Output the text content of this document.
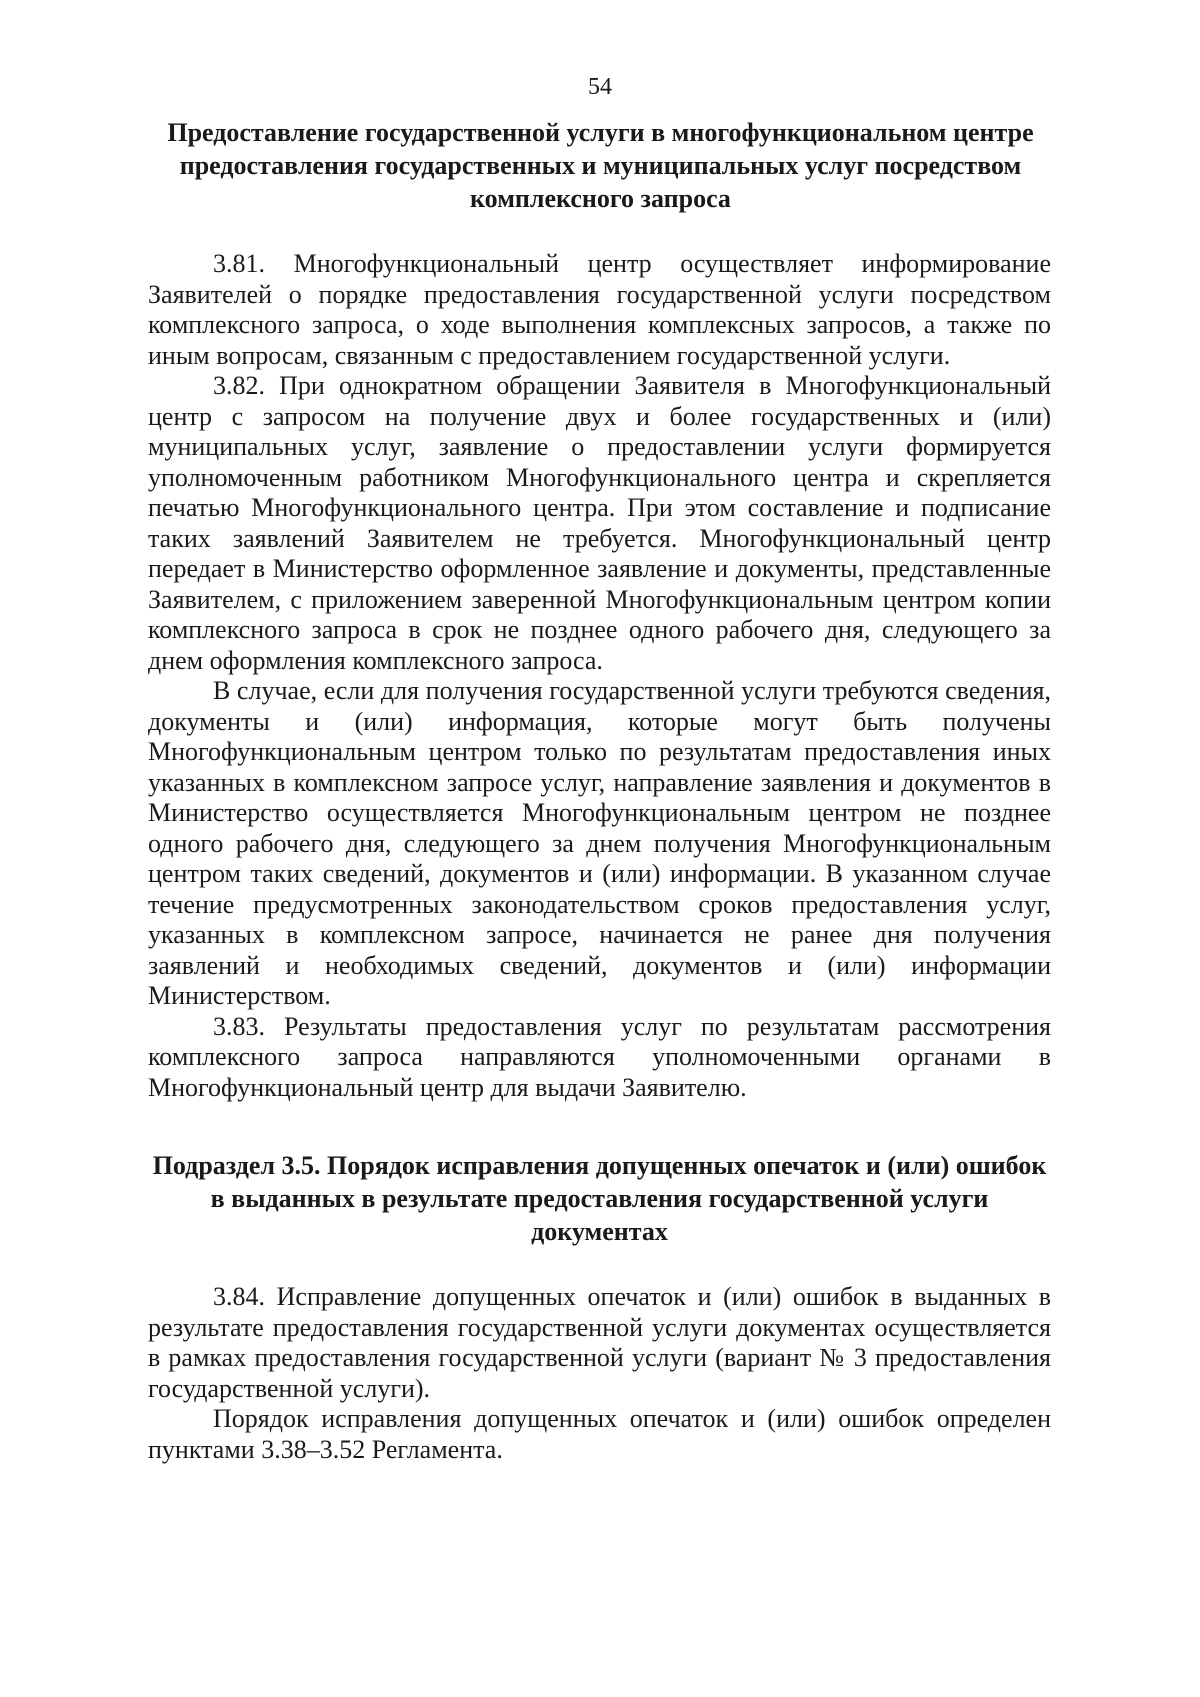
54
Предоставление государственной услуги в многофункциональном центре предоставления государственных и муниципальных услуг посредством комплексного запроса

3.81. Многофункциональный центр осуществляет информирование Заявителей о порядке предоставления государственной услуги посредством комплексного запроса, о ходе выполнения комплексных запросов, а также по иным вопросам, связанным с предоставлением государственной услуги.

3.82. При однократном обращении Заявителя в Многофункциональный центр с запросом на получение двух и более государственных и (или) муниципальных услуг, заявление о предоставлении услуги формируется уполномоченным работником Многофункционального центра и скрепляется печатью Многофункционального центра. При этом составление и подписание таких заявлений Заявителем не требуется. Многофункциональный центр передает в Министерство оформленное заявление и документы, представленные Заявителем, с приложением заверенной Многофункциональным центром копии комплексного запроса в срок не позднее одного рабочего дня, следующего за днем оформления комплексного запроса.

В случае, если для получения государственной услуги требуются сведения, документы и (или) информация, которые могут быть получены Многофункциональным центром только по результатам предоставления иных указанных в комплексном запросе услуг, направление заявления и документов в Министерство осуществляется Многофункциональным центром не позднее одного рабочего дня, следующего за днем получения Многофункциональным центром таких сведений, документов и (или) информации. В указанном случае течение предусмотренных законодательством сроков предоставления услуг, указанных в комплексном запросе, начинается не ранее дня получения заявлений и необходимых сведений, документов и (или) информации Министерством.

3.83. Результаты предоставления услуг по результатам рассмотрения комплексного запроса направляются уполномоченными органами в Многофункциональный центр для выдачи Заявителю.

Подраздел 3.5. Порядок исправления допущенных опечаток и (или) ошибок в выданных в результате предоставления государственной услуги документах

3.84. Исправление допущенных опечаток и (или) ошибок в выданных в результате предоставления государственной услуги документах осуществляется в рамках предоставления государственной услуги (вариант № 3 предоставления государственной услуги).

Порядок исправления допущенных опечаток и (или) ошибок определен пунктами 3.38–3.52 Регламента.
